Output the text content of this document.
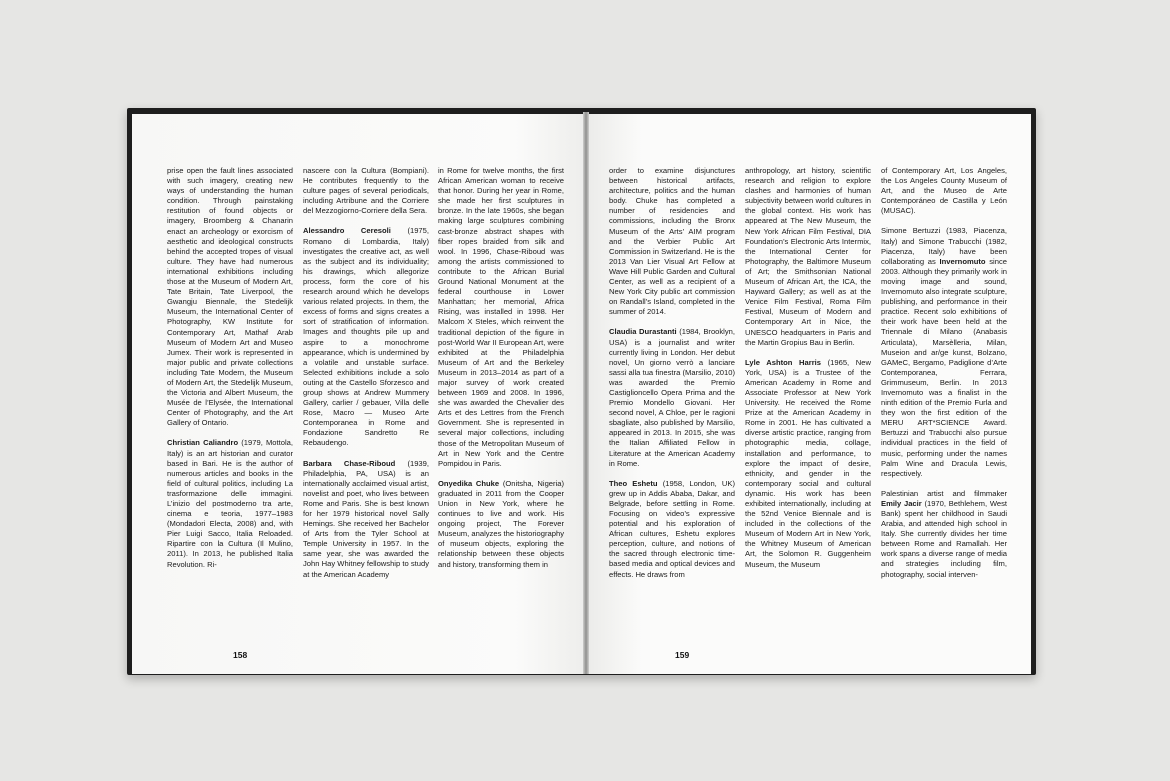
prise open the fault lines associated with such imagery, creating new ways of understanding the human condition. Through painstaking restitution of found objects or imagery, Broomberg & Chanarin enact an archeology or exorcism of aesthetic and ideological constructs behind the accepted tropes of visual culture. They have had numerous international exhibitions including those at the Museum of Modern Art, Tate Britain, Tate Liverpool, the Gwangju Biennale, the Stedelijk Museum, the International Center of Photography, KW Institute for Contemporary Art, Mathaf Arab Museum of Modern Art and Museo Jumex. Their work is represented in major public and private collections including Tate Modern, the Museum of Modern Art, the Stedelijk Museum, the Victoria and Albert Museum, the Musée de l’Elysée, the International Center of Photography, and the Art Gallery of Ontario.

Christian Caliandro (1979, Mottola, Italy) is an art historian and curator based in Bari. He is the author of numerous articles and books in the field of cultural politics, including La trasformazione delle immagini. L’inizio del postmoderno tra arte, cinema e teoria, 1977–1983 (Mondadori Electa, 2008) and, with Pier Luigi Sacco, Italia Reloaded. Ripartire con la Cultura (Il Mulino, 2011). In 2013, he published Italia Revolution. Ri-

nascere con la Cultura (Bompiani). He contributes frequently to the culture pages of several periodicals, including Artribune and the Corriere del Mezzogiorno-Corriere della Sera.

Alessandro Ceresoli (1975, Romano di Lombardia, Italy) investigates the creative act, as well as the subject and its individuality; his drawings, which allegorize process, form the core of his research around which he develops various related projects. In them, the excess of forms and signs creates a sort of stratification of information. Images and thoughts pile up and aspire to a monochrome appearance, which is undermined by a volatile and unstable surface. Selected exhibitions include a solo outing at the Castello Sforzesco and group shows at Andrew Mummery Gallery, carlier / gebauer, Villa delle Rose, Macro — Museo Arte Contemporanea in Rome and Fondazione Sandretto Re Rebaudengo.

Barbara Chase-Riboud (1939, Philadelphia, PA, USA) is an internationally acclaimed visual artist, novelist and poet, who lives between Rome and Paris. She is best known for her 1979 historical novel Sally Hemings. She received her Bachelor of Arts from the Tyler School at Temple University in 1957. In the same year, she was awarded the John Hay Whitney fellowship to study at the American Academy

in Rome for twelve months, the first African American woman to receive that honor. During her year in Rome, she made her first sculptures in bronze. In the late 1960s, she began making large sculptures combining cast-bronze abstract shapes with fiber ropes braided from silk and wool. In 1996, Chase-Riboud was among the artists commissioned to contribute to the African Burial Ground National Monument at the federal courthouse in Lower Manhattan; her memorial, Africa Rising, was installed in 1998. Her Malcom X Steles, which reinvent the traditional depiction of the figure in post-World War II European Art, were exhibited at the Philadelphia Museum of Art and the Berkeley Museum in 2013–2014 as part of a major survey of work created between 1969 and 2008. In 1996, she was awarded the Chevalier des Arts et des Lettres from the French Government. She is represented in several major collections, including those of the Metropolitan Museum of Art in New York and the Centre Pompidou in Paris.

Onyedika Chuke (Onitsha, Nigeria) graduated in 2011 from the Cooper Union in New York, where he continues to live and work. His ongoing project, The Forever Museum, analyzes the historiography of museum objects, exploring the relationship between these objects and history, transforming them in

158

order to examine disjunctures between historical artifacts, architecture, politics and the human body. Chuke has completed a number of residencies and commissions, including the Bronx Museum of the Arts’ AIM program and the Verbier Public Art Commission in Switzerland. He is the 2013 Van Lier Visual Art Fellow at Wave Hill Public Garden and Cultural Center, as well as a recipient of a New York City public art commission on Randall’s Island, completed in the summer of 2014.

Claudia Durastanti (1984, Brooklyn, USA) is a journalist and writer currently living in London. Her debut novel, Un giorno verrò a lanciare sassi alla tua finestra (Marsilio, 2010) was awarded the Premio Castiglioncello Opera Prima and the Premio Mondello Giovani. Her second novel, A Chloe, per le ragioni sbagliate, also published by Marsilio, appeared in 2013. In 2015, she was the Italian Affiliated Fellow in Literature at the American Academy in Rome.

Theo Eshetu (1958, London, UK) grew up in Addis Ababa, Dakar, and Belgrade, before settling in Rome. Focusing on video’s expressive potential and his exploration of African cultures, Eshetu explores perception, culture, and notions of the sacred through electronic time-based media and optical devices and effects. He draws from

anthropology, art history, scientific research and religion to explore clashes and harmonies of human subjectivity between world cultures in the global context. His work has appeared at The New Museum, the New York African Film Festival, DIA Foundation’s Electronic Arts Intermix, the International Center for Photography, the Baltimore Museum of Art; the Smithsonian National Museum of African Art, the ICA, the Hayward Gallery; as well as at the Venice Film Festival, Roma Film Festival, Museum of Modern and Contemporary Art in Nice, the UNESCO headquarters in Paris and the Martin Gropius Bau in Berlin.

Lyle Ashton Harris (1965, New York, USA) is a Trustee of the American Academy in Rome and Associate Professor at New York University. He received the Rome Prize at the American Academy in Rome in 2001. He has cultivated a diverse artistic practice, ranging from photographic media, collage, installation and performance, to explore the impact of desire, ethnicity, and gender in the contemporary social and cultural dynamic. His work has been exhibited internationally, including at the 52nd Venice Biennale and is included in the collections of the Museum of Modern Art in New York, the Whitney Museum of American Art, the Solomon R. Guggenheim Museum, the Museum

of Contemporary Art, Los Angeles, the Los Angeles County Museum of Art, and the Museo de Arte Contemporáneo de Castilla y León (MUSAC).

Simone Bertuzzi (1983, Piacenza, Italy) and Simone Trabucchi (1982, Piacenza, Italy) have been collaborating as Invernomuto since 2003. Although they primarily work in moving image and sound, Invernomuto also integrate sculpture, publishing, and performance in their practice. Recent solo exhibitions of their work have been held at the Triennale di Milano (Anabasis Articulata), Marsèlleria, Milan, Museion and ar/ge kunst, Bolzano, GAMeC, Bergamo, Padiglione d’Arte Contemporanea, Ferrara, Grimmuseum, Berlin. In 2013 Invernomuto was a finalist in the ninth edition of the Premio Furla and they won the first edition of the MERU ART*SCIENCE Award. Bertuzzi and Trabucchi also pursue individual practices in the field of music, performing under the names Palm Wine and Dracula Lewis, respectively.

Palestinian artist and filmmaker Emily Jacir (1970, Bethlehem, West Bank) spent her childhood in Saudi Arabia, and attended high school in Italy. She currently divides her time between Rome and Ramallah. Her work spans a diverse range of media and strategies including film, photography, social interven-

159
